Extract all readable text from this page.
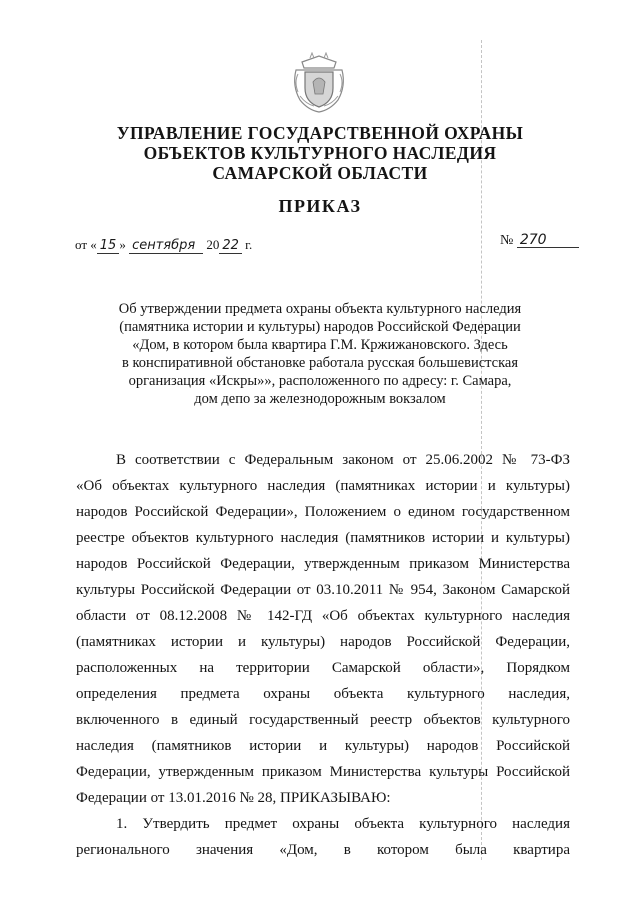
УПРАВЛЕНИЕ ГОСУДАРСТВЕННОЙ ОХРАНЫ
ОБЪЕКТОВ КУЛЬТУРНОГО НАСЛЕДИЯ
САМАРСКОЙ ОБЛАСТИ
ПРИКАЗ
от « 15 » сентября 20 22 г.	№ 270
Об утверждении предмета охраны объекта культурного наследия
(памятника истории и культуры) народов Российской Федерации
«Дом, в котором была квартира Г.М. Кржижановского. Здесь
в конспиративной обстановке работала русская большевистская
организация «Искры»», расположенного по адресу: г. Самара,
дом депо за железнодорожным вокзалом
В соответствии с Федеральным законом от 25.06.2002 № 73-ФЗ
«Об объектах культурного наследия (памятниках истории и культуры)
народов Российской Федерации», Положением о едином государственном
реестре объектов культурного наследия (памятников истории и культуры)
народов Российской Федерации, утвержденным приказом Министерства
культуры Российской Федерации от 03.10.2011 № 954, Законом Самарской
области от 08.12.2008 № 142-ГД «Об объектах культурного наследия
(памятниках истории и культуры) народов Российской Федерации,
расположенных на территории Самарской области», Порядком
определения предмета охраны объекта культурного наследия,
включенного в единый государственный реестр объектов культурного
наследия (памятников истории и культуры) народов Российской
Федерации, утвержденным приказом Министерства культуры Российской
Федерации от 13.01.2016 № 28, ПРИКАЗЫВАЮ:
1. Утвердить предмет охраны объекта культурного наследия
регионального значения «Дом, в котором была квартира
